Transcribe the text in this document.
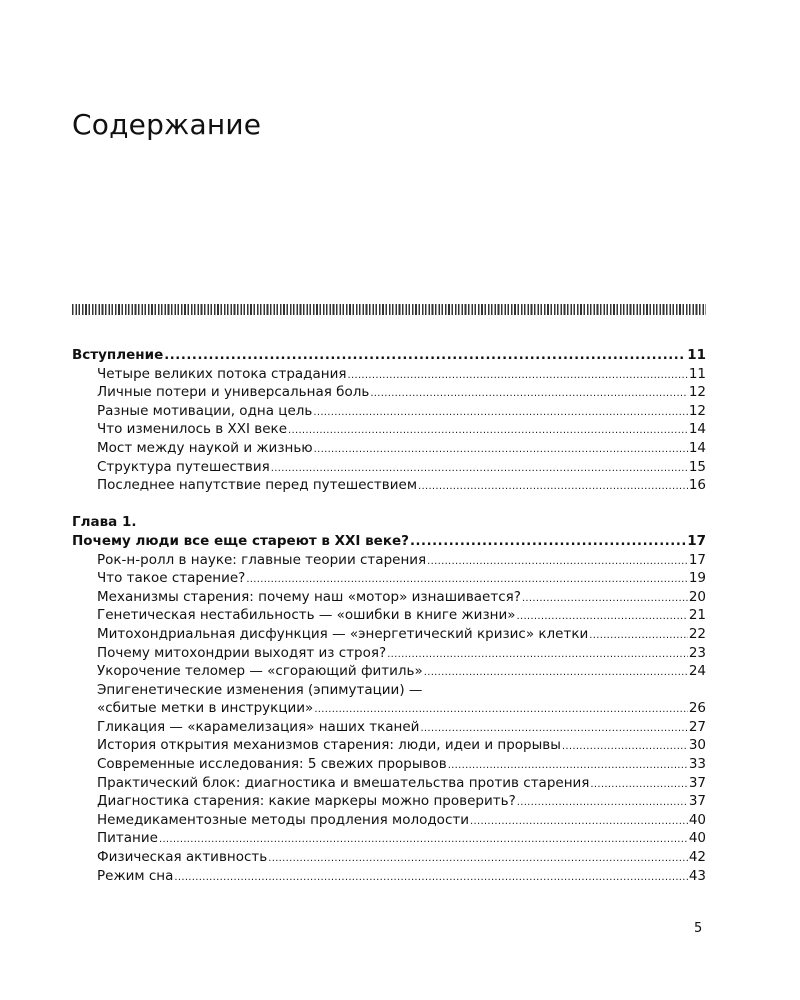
Содержание
Вступление .....	11
Четыре великих потока страдания .....	11
Личные потери и универсальная боль .....	12
Разные мотивации, одна цель .....	12
Что изменилось в XXI веке .....	14
Мост между наукой и жизнью .....	14
Структура путешествия .....	15
Последнее напутствие перед путешествием .....	16
Глава 1.
Почему люди все еще стареют в XXI веке? .....	17
Рок-н-ролл в науке: главные теории старения .....	17
Что такое старение? .....	19
Механизмы старения: почему наш «мотор» изнашивается? .....	20
Генетическая нестабильность — «ошибки в книге жизни» .....	21
Митохондриальная дисфункция — «энергетический кризис» клетки .....	22
Почему митохондрии выходят из строя? .....	23
Укорочение теломер — «сгорающий фитиль» .....	24
Эпигенетические изменения (эпимутации) —
«сбитые метки в инструкции» .....	26
Гликация — «карамелизация» наших тканей .....	27
История открытия механизмов старения: люди, идеи и прорывы .....	30
Современные исследования: 5 свежих прорывов .....	33
Практический блок: диагностика и вмешательства против старения .....	37
Диагностика старения: какие маркеры можно проверить? .....	37
Немедикаментозные методы продления молодости .....	40
Питание .....	40
Физическая активность .....	42
Режим сна .....	43
5
